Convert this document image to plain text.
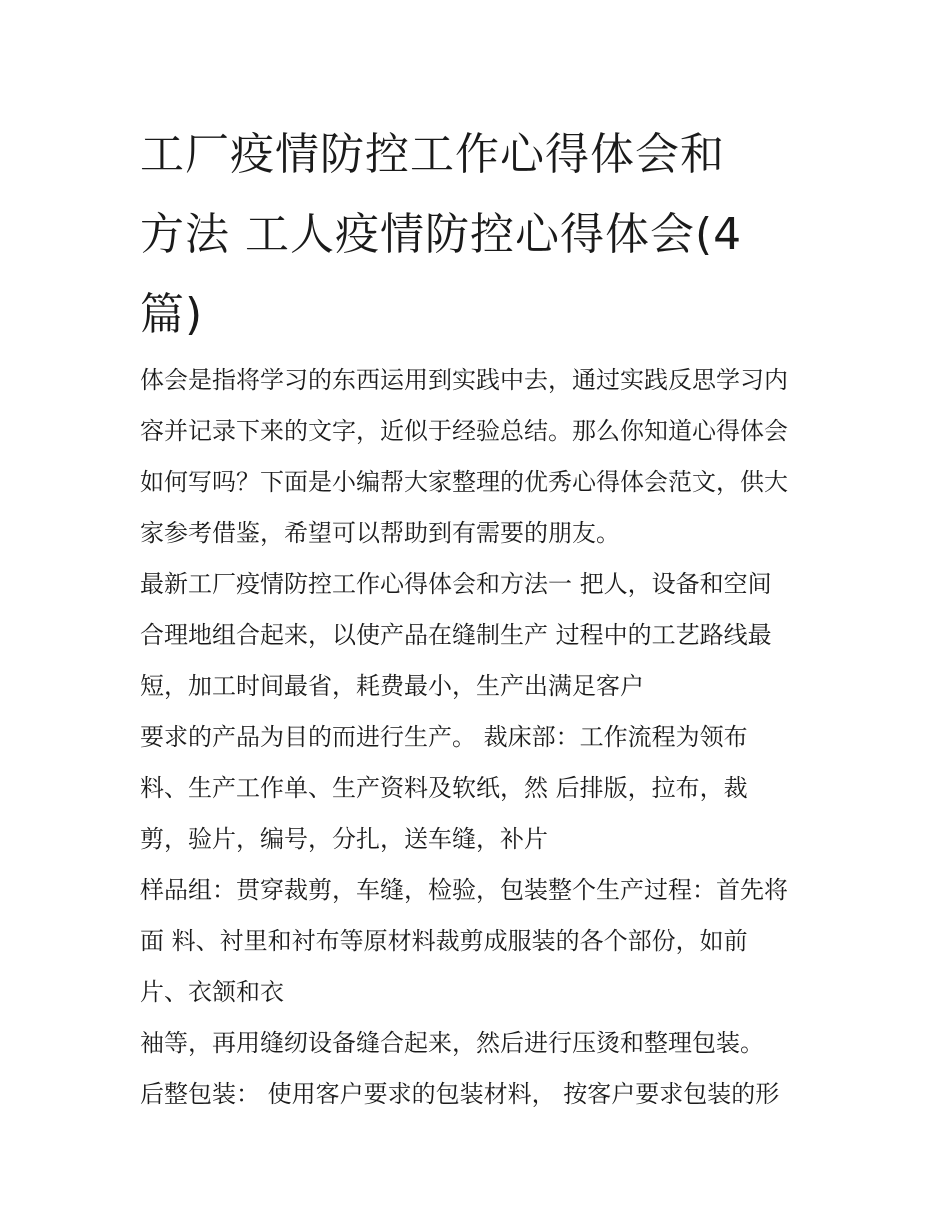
工厂疫情防控工作心得体会和
方法 工人疫情防控心得体会(4
篇)
体会是指将学习的东西运用到实践中去，通过实践反思学习内
容并记录下来的文字，近似于经验总结。那么你知道心得体会
如何写吗？下面是小编帮大家整理的优秀心得体会范文，供大
家参考借鉴，希望可以帮助到有需要的朋友。
最新工厂疫情防控工作心得体会和方法一 把人，设备和空间
合理地组合起来，以使产品在缝制生产 过程中的工艺路线最
短，加工时间最省，耗费最小，生产出满足客户
要求的产品为目的而进行生产。 裁床部：工作流程为领布
料、生产工作单、生产资料及软纸，然 后排版，拉布，裁
剪，验片，编号，分扎，送车缝，补片
样品组：贯穿裁剪，车缝，检验，包装整个生产过程：首先将
面 料、衬里和衬布等原材料裁剪成服装的各个部份，如前
片、衣颔和衣
袖等，再用缝纫设备缝合起来，然后进行压烫和整理包装。
后整包装： 使用客户要求的包装材料， 按客户要求包装的形
